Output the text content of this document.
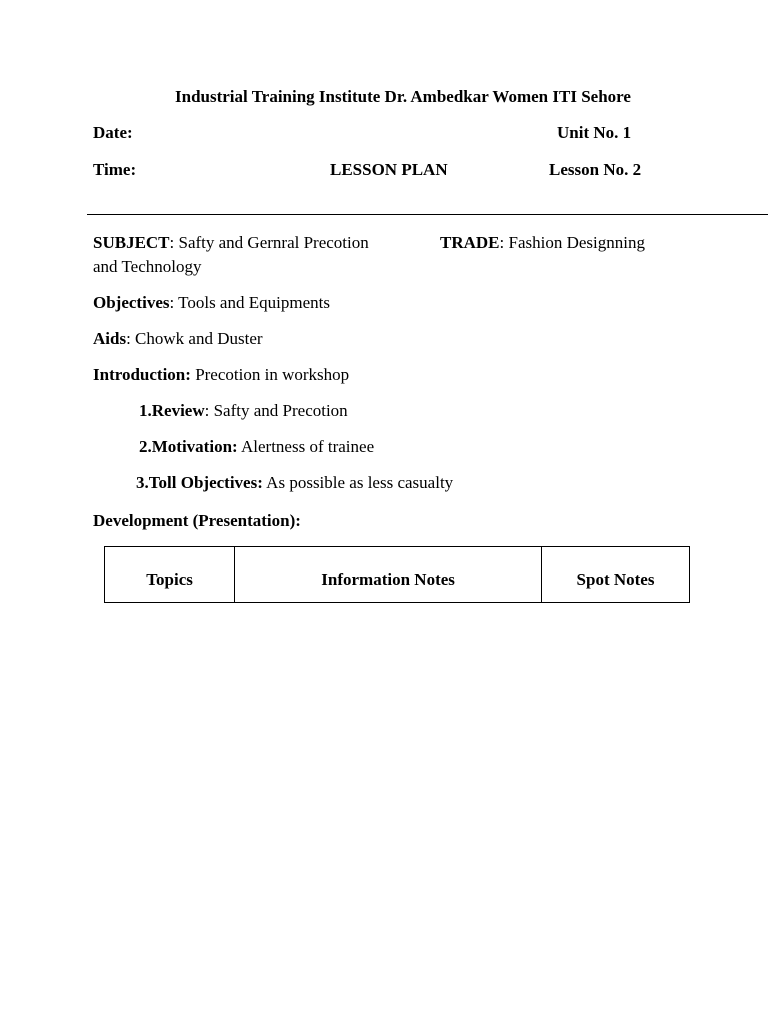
Industrial Training Institute Dr. Ambedkar Women ITI Sehore
Date:	Unit No. 1
Time:	LESSON PLAN	Lesson No. 2
SUBJECT: Safty and Gernral Precotion
and Technology
TRADE: Fashion Designning
Objectives: Tools and Equipments
Aids: Chowk and Duster
Introduction: Precotion in workshop
1.Review: Safty and Precotion
2.Motivation: Alertness of trainee
3.Toll Objectives: As possible as less casualty
Development (Presentation):
Topics	Information Notes	Spot Notes
